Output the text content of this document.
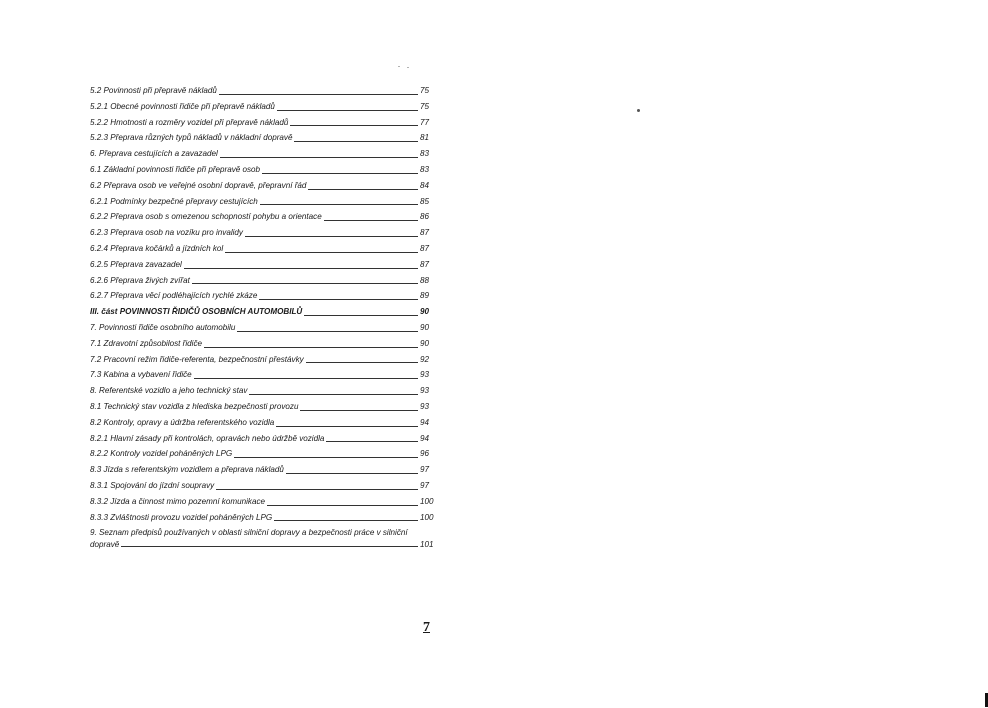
5.2 Povinnosti při přepravě nákladů	75
5.2.1 Obecné povinnosti řidiče při přepravě nákladů	75
5.2.2 Hmotnosti a rozměry vozidel při přepravě nákladů	77
5.2.3 Přeprava různých typů nákladů v nákladní dopravě	81
6. Přeprava cestujících a zavazadel	83
6.1 Základní povinnosti řidiče při přepravě osob	83
6.2 Přeprava osob ve veřejné osobní dopravě, přepravní řád	84
6.2.1 Podmínky bezpečné přepravy cestujících	85
6.2.2 Přeprava osob s omezenou schopností pohybu a orientace	86
6.2.3 Přeprava osob na vozíku pro invalidy	87
6.2.4 Přeprava kočárků a jízdních kol	87
6.2.5 Přeprava zavazadel	87
6.2.6 Přeprava živých zvířat	88
6.2.7 Přeprava věcí podléhajících rychlé zkáze	89
III. část POVINNOSTI ŘIDIČŮ OSOBNÍCH AUTOMOBILŮ	90
7. Povinnosti řidiče osobního automobilu	90
7.1 Zdravotní způsobilost řidiče	90
7.2 Pracovní režim řidiče-referenta, bezpečnostní přestávky	92
7.3 Kabina a vybavení řidiče	93
8. Referentské vozidlo a jeho technický stav	93
8.1 Technický stav vozidla z hlediska bezpečnosti provozu	93
8.2 Kontroly, opravy a údržba referentského vozidla	94
8.2.1 Hlavní zásady při kontrolách, opravách nebo údržbě vozidla	94
8.2.2 Kontroly vozidel poháněných LPG	96
8.3 Jízda s referentským vozidlem a přeprava nákladů	97
8.3.1 Spojování do jízdní soupravy	97
8.3.2 Jízda a činnost mimo pozemní komunikace	100
8.3.3 Zvláštnosti provozu vozidel poháněných LPG	100
9. Seznam předpisů používaných v oblasti silniční dopravy a bezpečnosti práce v silniční
dopravě	101
7
